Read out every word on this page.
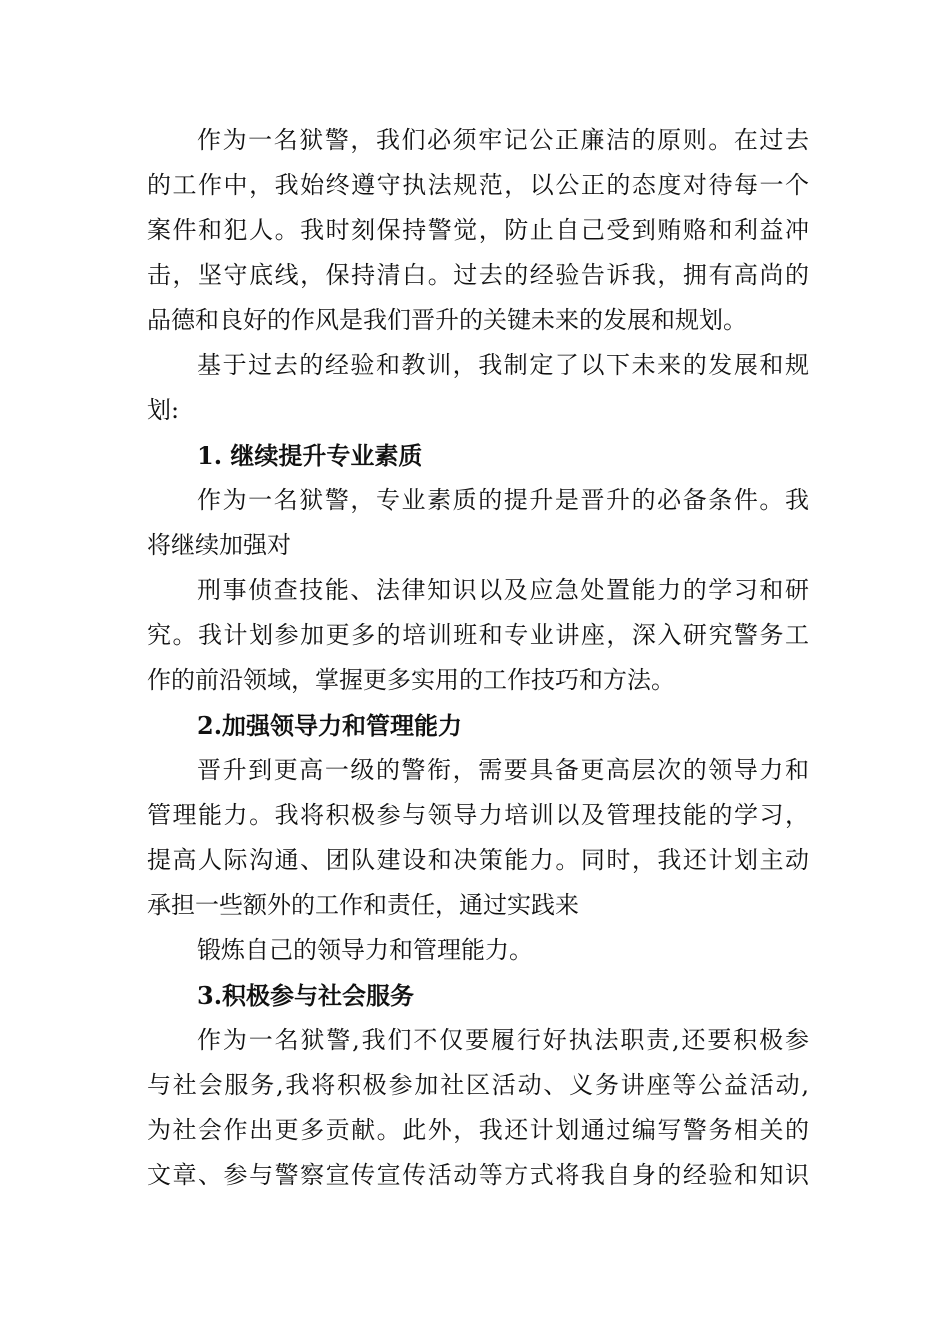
作为一名狱警，我们必须牢记公正廉洁的原则。在过去
的工作中，我始终遵守执法规范，以公正的态度对待每一个
案件和犯人。我时刻保持警觉，防止自己受到贿赂和利益冲
击，坚守底线，保持清白。过去的经验告诉我，拥有高尚的
品德和良好的作风是我们晋升的关键未来的发展和规划。
基于过去的经验和教训，我制定了以下未来的发展和规
划:
1. 继续提升专业素质
作为一名狱警，专业素质的提升是晋升的必备条件。我
将继续加强对
刑事侦查技能、法律知识以及应急处置能力的学习和研
究。我计划参加更多的培训班和专业讲座，深入研究警务工
作的前沿领域，掌握更多实用的工作技巧和方法。
2.加强领导力和管理能力
晋升到更高一级的警衔，需要具备更高层次的领导力和
管理能力。我将积极参与领导力培训以及管理技能的学习，
提高人际沟通、团队建设和决策能力。同时，我还计划主动
承担一些额外的工作和责任，通过实践来
锻炼自己的领导力和管理能力。
3.积极参与社会服务
作为一名狱警,我们不仅要履行好执法职责,还要积极参
与社会服务,我将积极参加社区活动、义务讲座等公益活动,
为社会作出更多贡献。此外，我还计划通过编写警务相关的
文章、参与警察宣传宣传活动等方式将我自身的经验和知识
